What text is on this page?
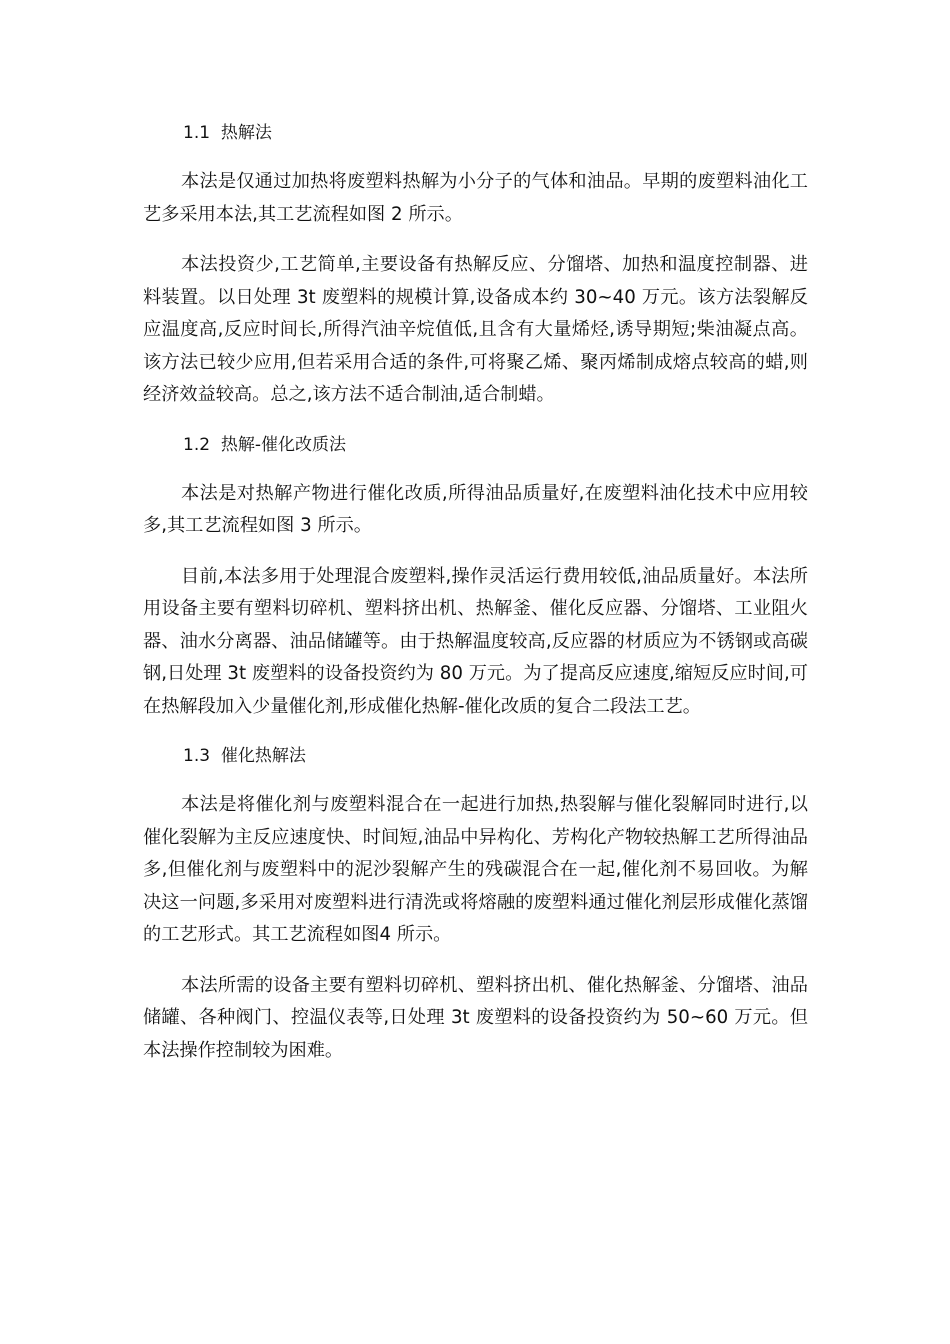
1.1  热解法

本法是仅通过加热将废塑料热解为小分子的气体和油品。早期的废塑料油化工艺多采用本法,其工艺流程如图 2 所示。

本法投资少,工艺简单,主要设备有热解反应、分馏塔、加热和温度控制器、进料装置。以日处理 3t 废塑料的规模计算,设备成本约 30~40 万元。该方法裂解反应温度高,反应时间长,所得汽油辛烷值低,且含有大量烯烃,诱导期短;柴油凝点高。该方法已较少应用,但若采用合适的条件,可将聚乙烯、聚丙烯制成熔点较高的蜡,则经济效益较高。总之,该方法不适合制油,适合制蜡。

1.2  热解-催化改质法

本法是对热解产物进行催化改质,所得油品质量好,在废塑料油化技术中应用较多,其工艺流程如图 3 所示。

目前,本法多用于处理混合废塑料,操作灵活运行费用较低,油品质量好。本法所用设备主要有塑料切碎机、塑料挤出机、热解釜、催化反应器、分馏塔、工业阻火器、油水分离器、油品储罐等。由于热解温度较高,反应器的材质应为不锈钢或高碳钢,日处理 3t 废塑料的设备投资约为 80 万元。为了提高反应速度,缩短反应时间,可在热解段加入少量催化剂,形成催化热解-催化改质的复合二段法工艺。

1.3  催化热解法

本法是将催化剂与废塑料混合在一起进行加热,热裂解与催化裂解同时进行,以催化裂解为主反应速度快、时间短,油品中异构化、芳构化产物较热解工艺所得油品多,但催化剂与废塑料中的泥沙裂解产生的残碳混合在一起,催化剂不易回收。为解决这一问题,多采用对废塑料进行清洗或将熔融的废塑料通过催化剂层形成催化蒸馏的工艺形式。其工艺流程如图4 所示。

本法所需的设备主要有塑料切碎机、塑料挤出机、催化热解釜、分馏塔、油品储罐、各种阀门、控温仪表等,日处理 3t 废塑料的设备投资约为 50~60 万元。但本法操作控制较为困难。
